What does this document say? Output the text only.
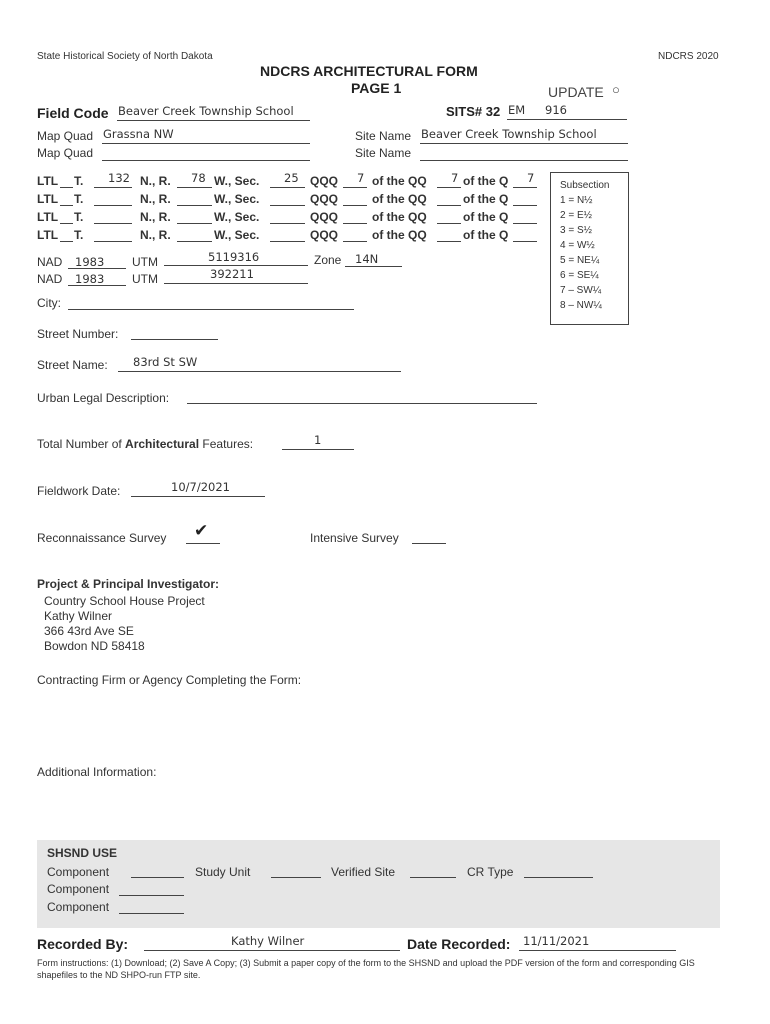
State Historical Society of North Dakota	NDCRS 2020
NDCRS ARCHITECTURAL FORM
PAGE 1	UPDATE ○
Field Code Beaver Creek Township School	SITS# 32 EM 916
Map Quad Grassna NW
Map Quad
Site Name Beaver Creek Township School
Site Name
LTL T. 132 N., R. 78 W., Sec. 25 QQQ 7 of the QQ 7 of the Q 7
LTL T.	N., R.	W., Sec.	QQQ	of the QQ	of the Q
LTL T.	N., R.	W., Sec.	QQQ	of the QQ	of the Q
LTL T.	N., R.	W., Sec.	QQQ	of the QQ	of the Q
Subsection
1 = N½
2 = E½
3 = S½
4 = W½
5 = NE¼
6 = SE¼
7 – SW¼
8 – NW¼
NAD 1983 UTM	5119316	Zone 14N
NAD 1983 UTM	392211
City:
Street Number:
Street Name: 83rd St SW
Urban Legal Description:
Total Number of Architectural Features:	1
Fieldwork Date:	10/7/2021
Reconnaissance Survey ✔	Intensive Survey
Project & Principal Investigator:
Country School House Project
Kathy Wilner
366 43rd Ave SE
Bowdon ND 58418
Contracting Firm or Agency Completing the Form:
Additional Information:
SHSND USE
Component	Study Unit	Verified Site	CR Type
Component
Component
Recorded By:	Kathy Wilner	Date Recorded: 11/11/2021
Form instructions: (1) Download; (2) Save A Copy; (3) Submit a paper copy of the form to the SHSND and upload the PDF version of the form and corresponding GIS shapefiles to the ND SHPO-run FTP site.
